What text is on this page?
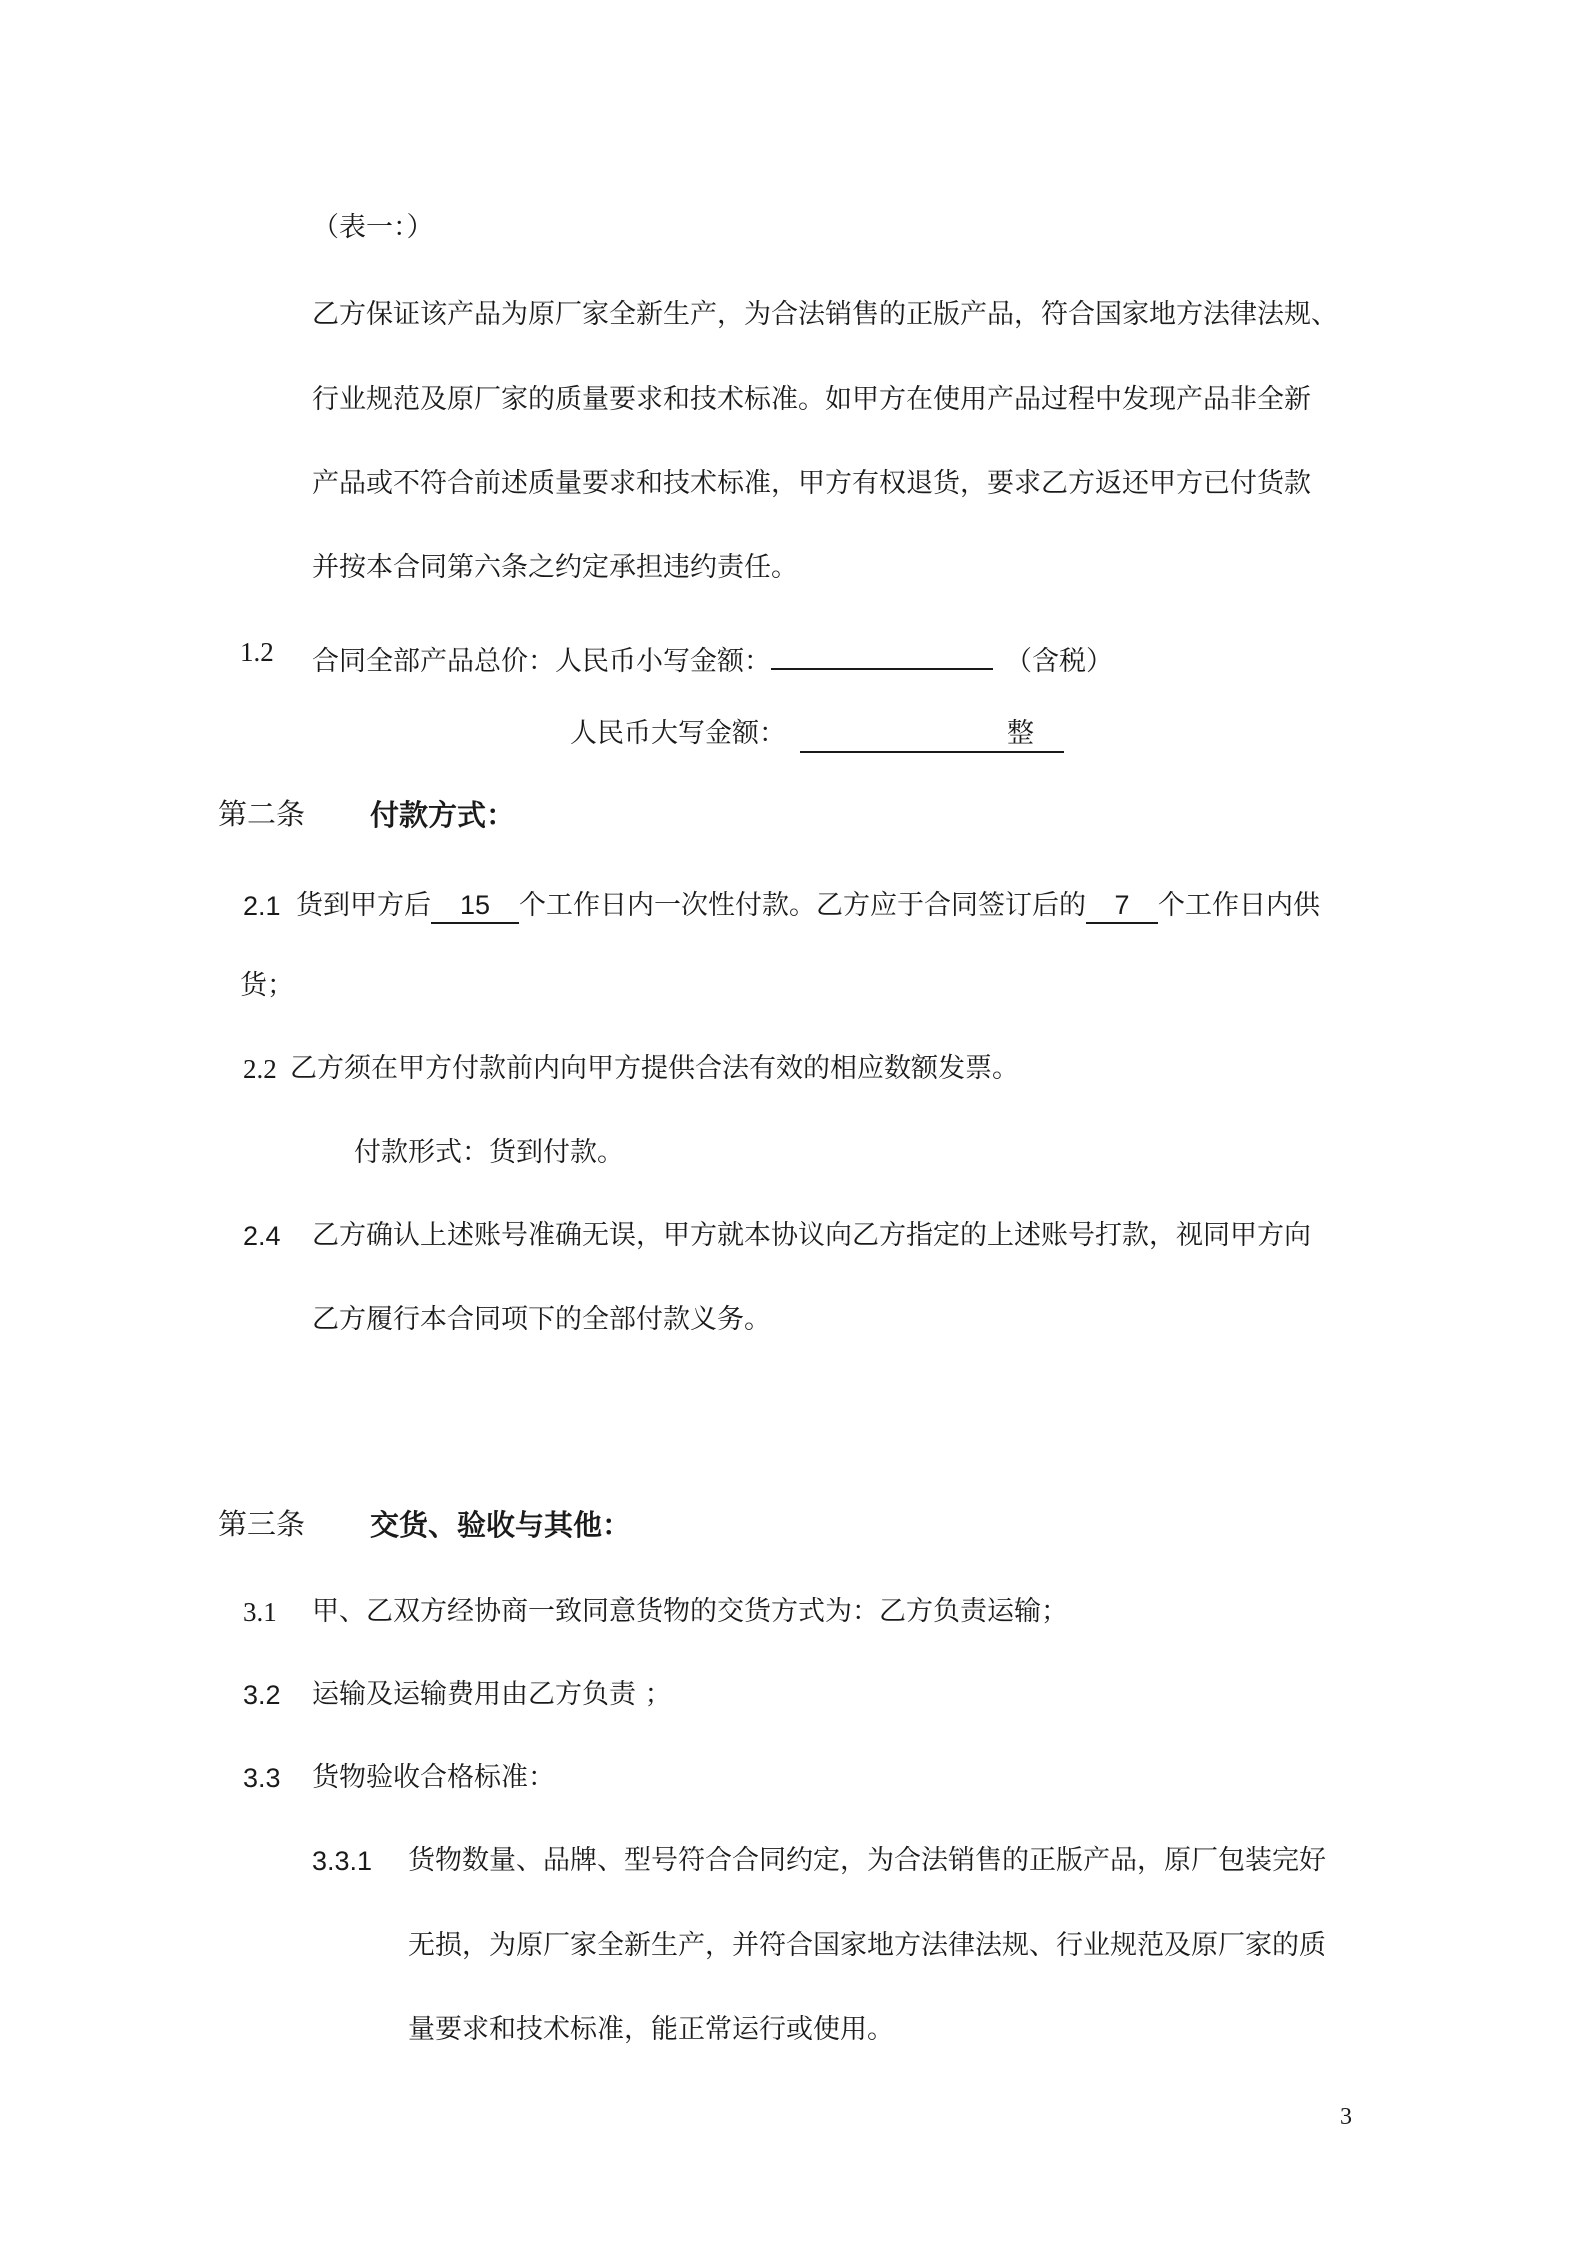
（表一：）
乙方保证该产品为原厂家全新生产，为合法销售的正版产品，符合国家地方法律法规、
行业规范及原厂家的质量要求和技术标准。如甲方在使用产品过程中发现产品非全新
产品或不符合前述质量要求和技术标准，甲方有权退货，要求乙方返还甲方已付货款
并按本合同第六条之约定承担违约责任。
1.2 合同全部产品总价：人民币小写金额：	（含税）
人民币大写金额：	整
第二条 付款方式：
2.1 货到甲方后 15 个工作日内一次性付款。乙方应于合同签订后的 7 个工作日内供
货；
2.2 乙方须在甲方付款前内向甲方提供合法有效的相应数额发票。
付款形式：货到付款。
2.4 乙方确认上述账号准确无误，甲方就本协议向乙方指定的上述账号打款，视同甲方向
乙方履行本合同项下的全部付款义务。
第三条 交货、验收与其他：
3.1 甲、乙双方经协商一致同意货物的交货方式为：乙方负责运输；
3.2 运输及运输费用由乙方负责 ；
3.3 货物验收合格标准：
3.3.1 货物数量、品牌、型号符合合同约定，为合法销售的正版产品，原厂包装完好
无损，为原厂家全新生产，并符合国家地方法律法规、行业规范及原厂家的质
量要求和技术标准，能正常运行或使用。
3
